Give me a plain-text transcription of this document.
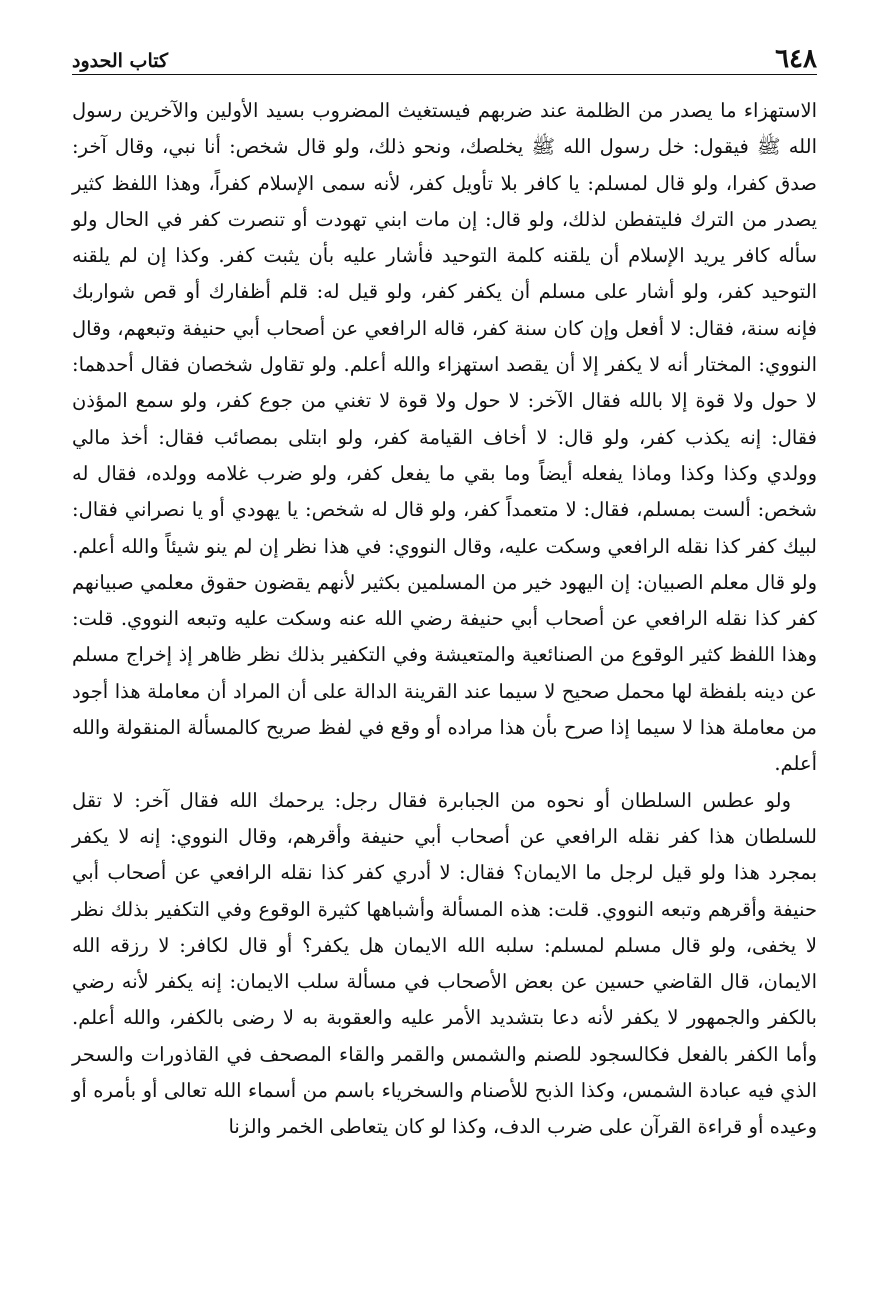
٦٤٨
كتاب الحدود

الاستهزاء ما يصدر من الظلمة عند ضربهم فيستغيث المضروب بسيد الأولين والآخرين رسول الله ﷺ فيقول: خل رسول الله ﷺ يخلصك، ونحو ذلك، ولو قال شخص: أنا نبي، وقال آخر: صدق كفرا، ولو قال لمسلم: يا كافر بلا تأويل كفر، لأنه سمى الإسلام كفراً، وهذا اللفظ كثير يصدر من الترك فليتفطن لذلك، ولو قال: إن مات ابني تهودت أو تنصرت كفر في الحال ولو سأله كافر يريد الإسلام أن يلقنه كلمة التوحيد فأشار عليه بأن يثبت كفر. وكذا إن لم يلقنه التوحيد كفر، ولو أشار على مسلم أن يكفر كفر، ولو قيل له: قلم أظفارك أو قص شواربك فإنه سنة، فقال: لا أفعل وإن كان سنة كفر، قاله الرافعي عن أصحاب أبي حنيفة وتبعهم، وقال النووي: المختار أنه لا يكفر إلا أن يقصد استهزاء والله أعلم. ولو تقاول شخصان فقال أحدهما: لا حول ولا قوة إلا بالله فقال الآخر: لا حول ولا قوة لا تغني من جوع كفر، ولو سمع المؤذن فقال: إنه يكذب كفر، ولو قال: لا أخاف القيامة كفر، ولو ابتلى بمصائب فقال: أخذ مالي وولدي وكذا وكذا وماذا يفعله أيضاً وما بقي ما يفعل كفر، ولو ضرب غلامه وولده، فقال له شخص: ألست بمسلم، فقال: لا متعمداً كفر، ولو قال له شخص: يا يهودي أو يا نصراني فقال: لبيك كفر كذا نقله الرافعي وسكت عليه، وقال النووي: في هذا نظر إن لم ينو شيئاً والله أعلم. ولو قال معلم الصبيان: إن اليهود خير من المسلمين بكثير لأنهم يقضون حقوق معلمي صبيانهم كفر كذا نقله الرافعي عن أصحاب أبي حنيفة رضي الله عنه وسكت عليه وتبعه النووي. قلت: وهذا اللفظ كثير الوقوع من الصنائعية والمتعيشة وفي التكفير بذلك نظر ظاهر إذ إخراج مسلم عن دينه بلفظة لها محمل صحيح لا سيما عند القرينة الدالة على أن المراد أن معاملة هذا أجود من معاملة هذا لا سيما إذا صرح بأن هذا مراده أو وقع في لفظ صريح كالمسألة المنقولة والله أعلم.

ولو عطس السلطان أو نحوه من الجبابرة فقال رجل: يرحمك الله فقال آخر: لا تقل للسلطان هذا كفر نقله الرافعي عن أصحاب أبي حنيفة وأقرهم، وقال النووي: إنه لا يكفر بمجرد هذا ولو قيل لرجل ما الايمان؟ فقال: لا أدري كفر كذا نقله الرافعي عن أصحاب أبي حنيفة وأقرهم وتبعه النووي. قلت: هذه المسألة وأشباهها كثيرة الوقوع وفي التكفير بذلك نظر لا يخفى، ولو قال مسلم لمسلم: سلبه الله الايمان هل يكفر؟ أو قال لكافر: لا رزقه الله الايمان، قال القاضي حسين عن بعض الأصحاب في مسألة سلب الايمان: إنه يكفر لأنه رضي بالكفر والجمهور لا يكفر لأنه دعا بتشديد الأمر عليه والعقوبة به لا رضى بالكفر، والله أعلم. وأما الكفر بالفعل فكالسجود للصنم والشمس والقمر والقاء المصحف في القاذورات والسحر الذي فيه عبادة الشمس، وكذا الذبح للأصنام والسخرياء باسم من أسماء الله تعالى أو بأمره أو وعيده أو قراءة القرآن على ضرب الدف، وكذا لو كان يتعاطى الخمر والزنا
